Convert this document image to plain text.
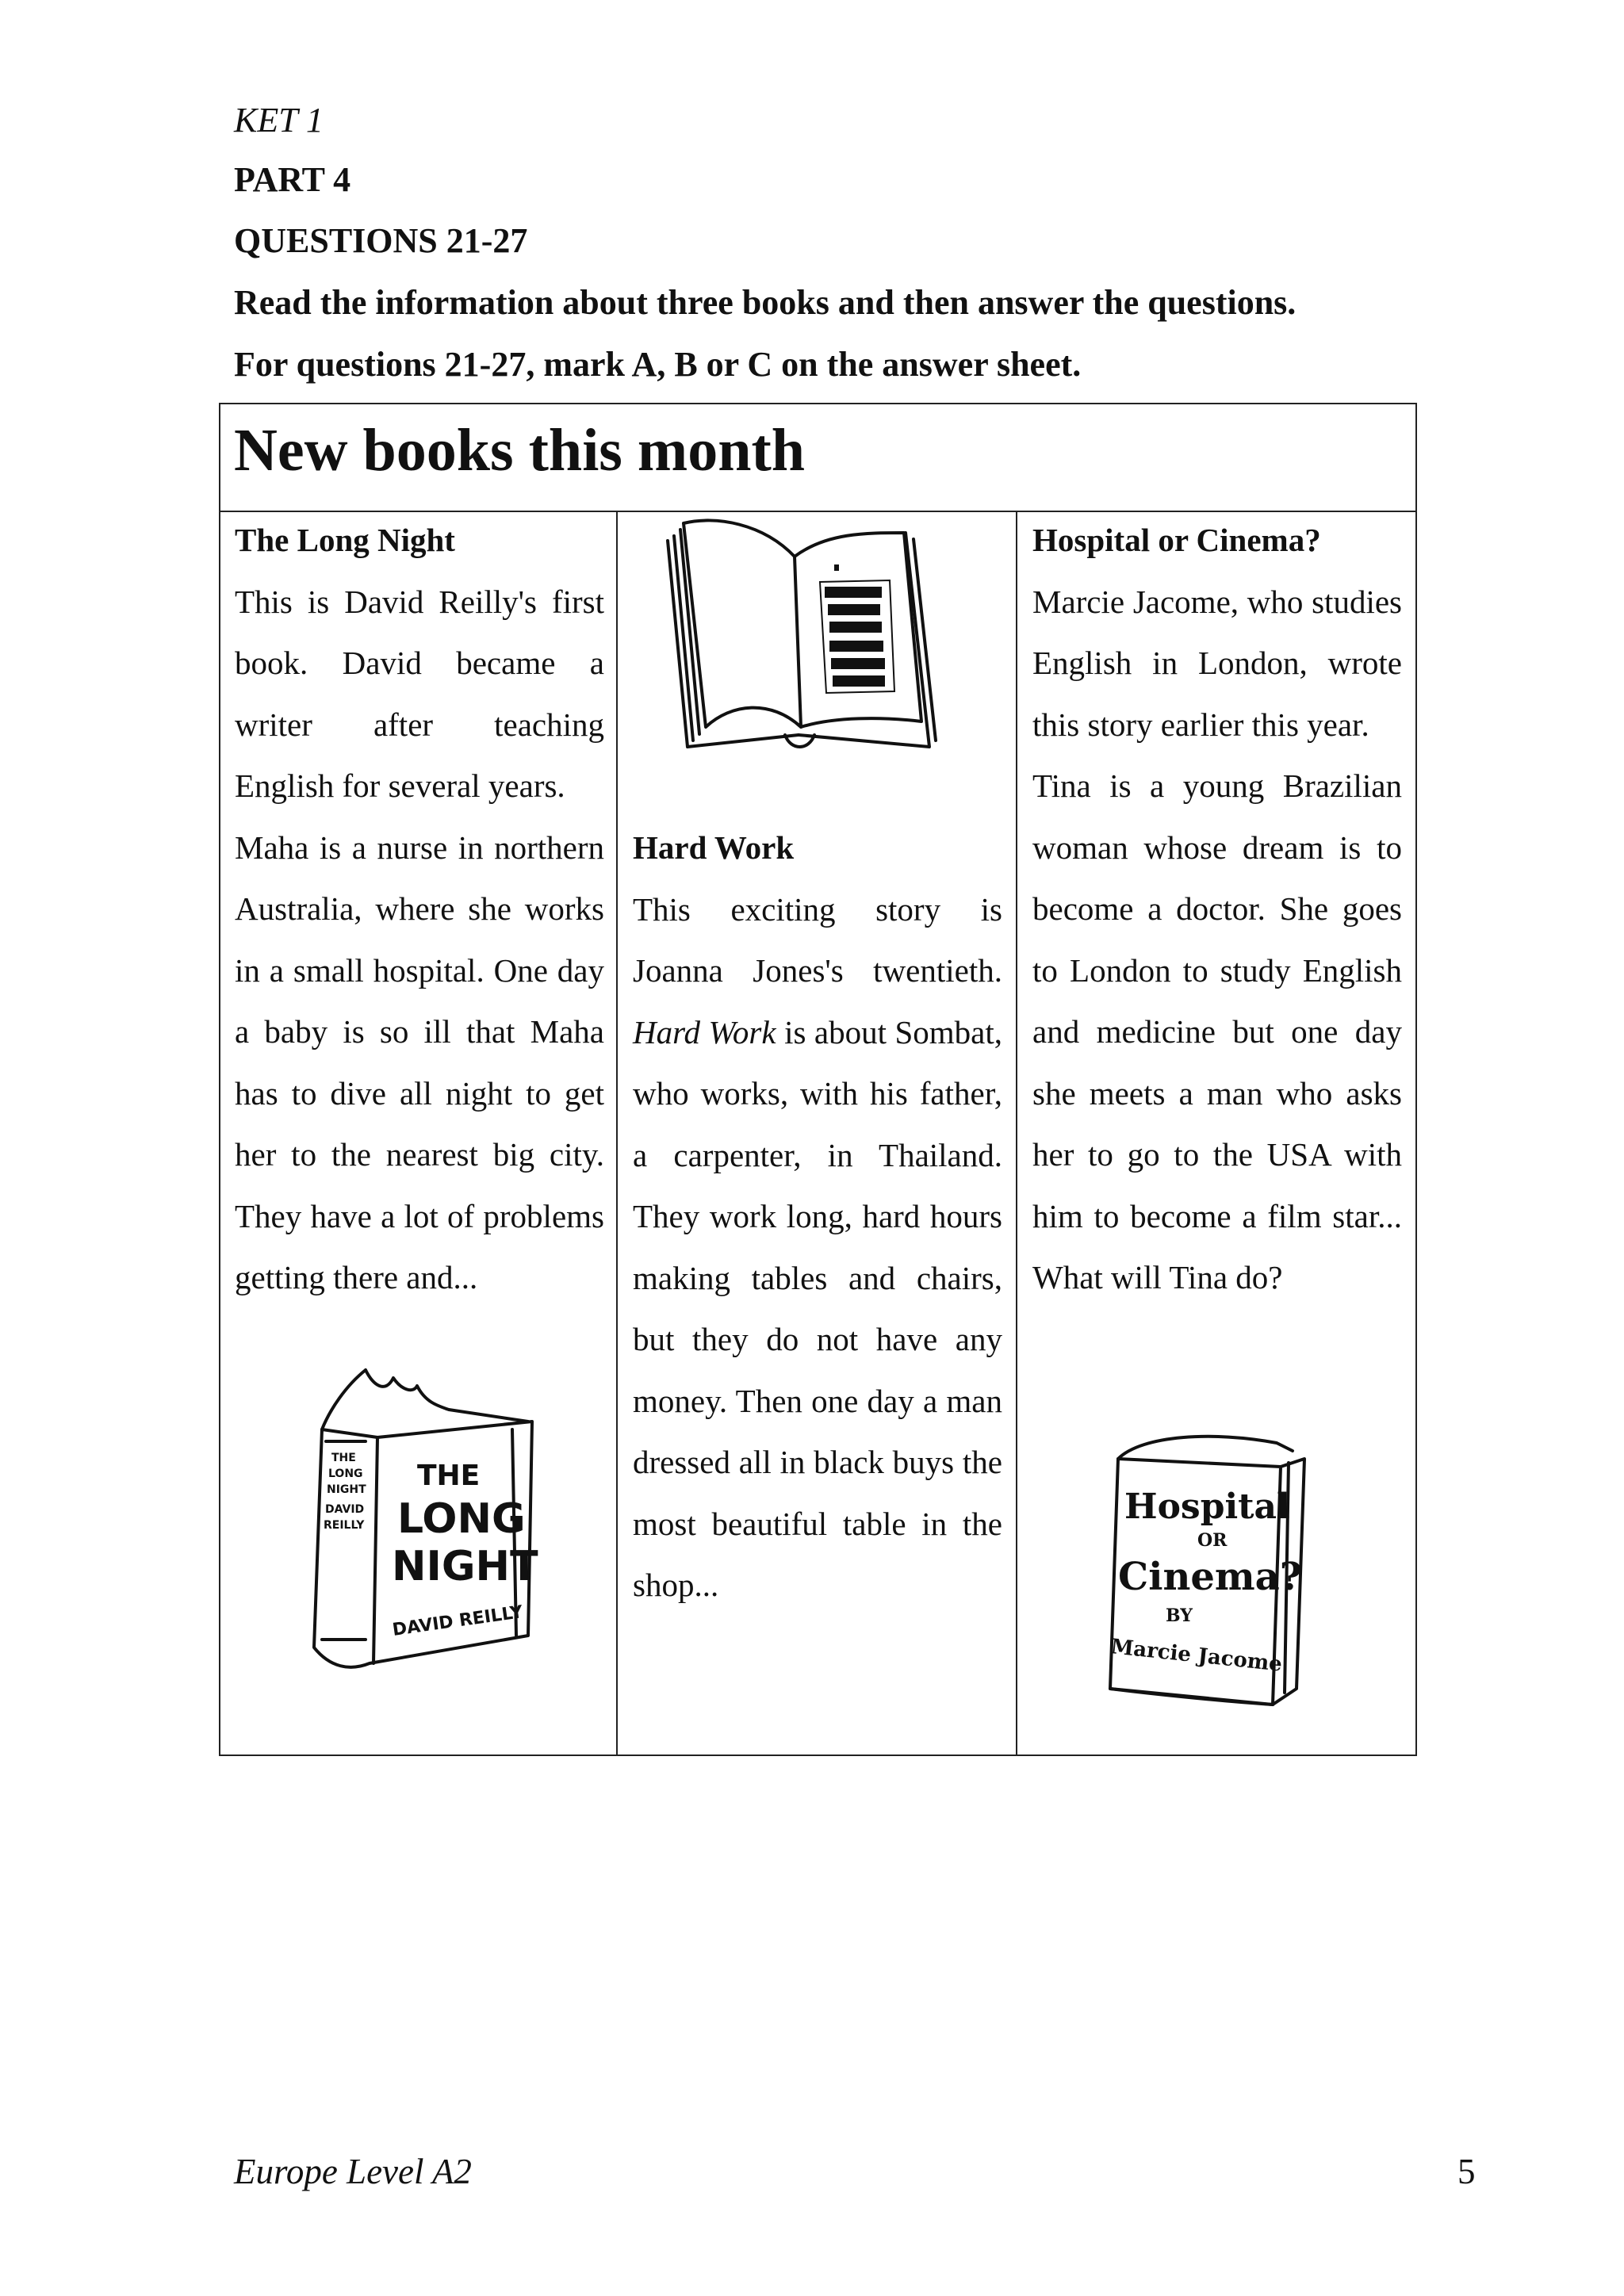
KET 1
PART 4
QUESTIONS 21-27
Read the information about three books and then answer the questions.
For questions 21-27, mark A, B or C on the answer sheet.
New books this month

The Long Night

This is David Reilly's first book. David became a writer after teaching English for several years.

Maha is a nurse in northern Australia, where she works in a small hospital. One day a baby is so ill that Maha has to dive all night to get her to the nearest big city. They have a lot of problems getting there and...

Hard Work

This exciting story is Joanna Jones's twentieth. Hard Work is about Sombat, who works, with his father, a carpenter, in Thailand. They work long, hard hours making tables and chairs, but they do not have any money. Then one day a man dressed all in black buys the most beautiful table in the shop...

Hospital or Cinema?

Marcie Jacome, who studies English in London, wrote this story earlier this year.

Tina is a young Brazilian woman whose dream is to become a doctor. She goes to London to study English and medicine but one day she meets a man who asks her to go to the USA with him to become a film star... What will Tina do?

THE
LONG
NIGHT
DAVID REILLY
THE
LONG
NIGHT
DAVID
REILLY	Hospital
OR
Cinema?
BY
Marcie Jacome
Europe Level A2	5
